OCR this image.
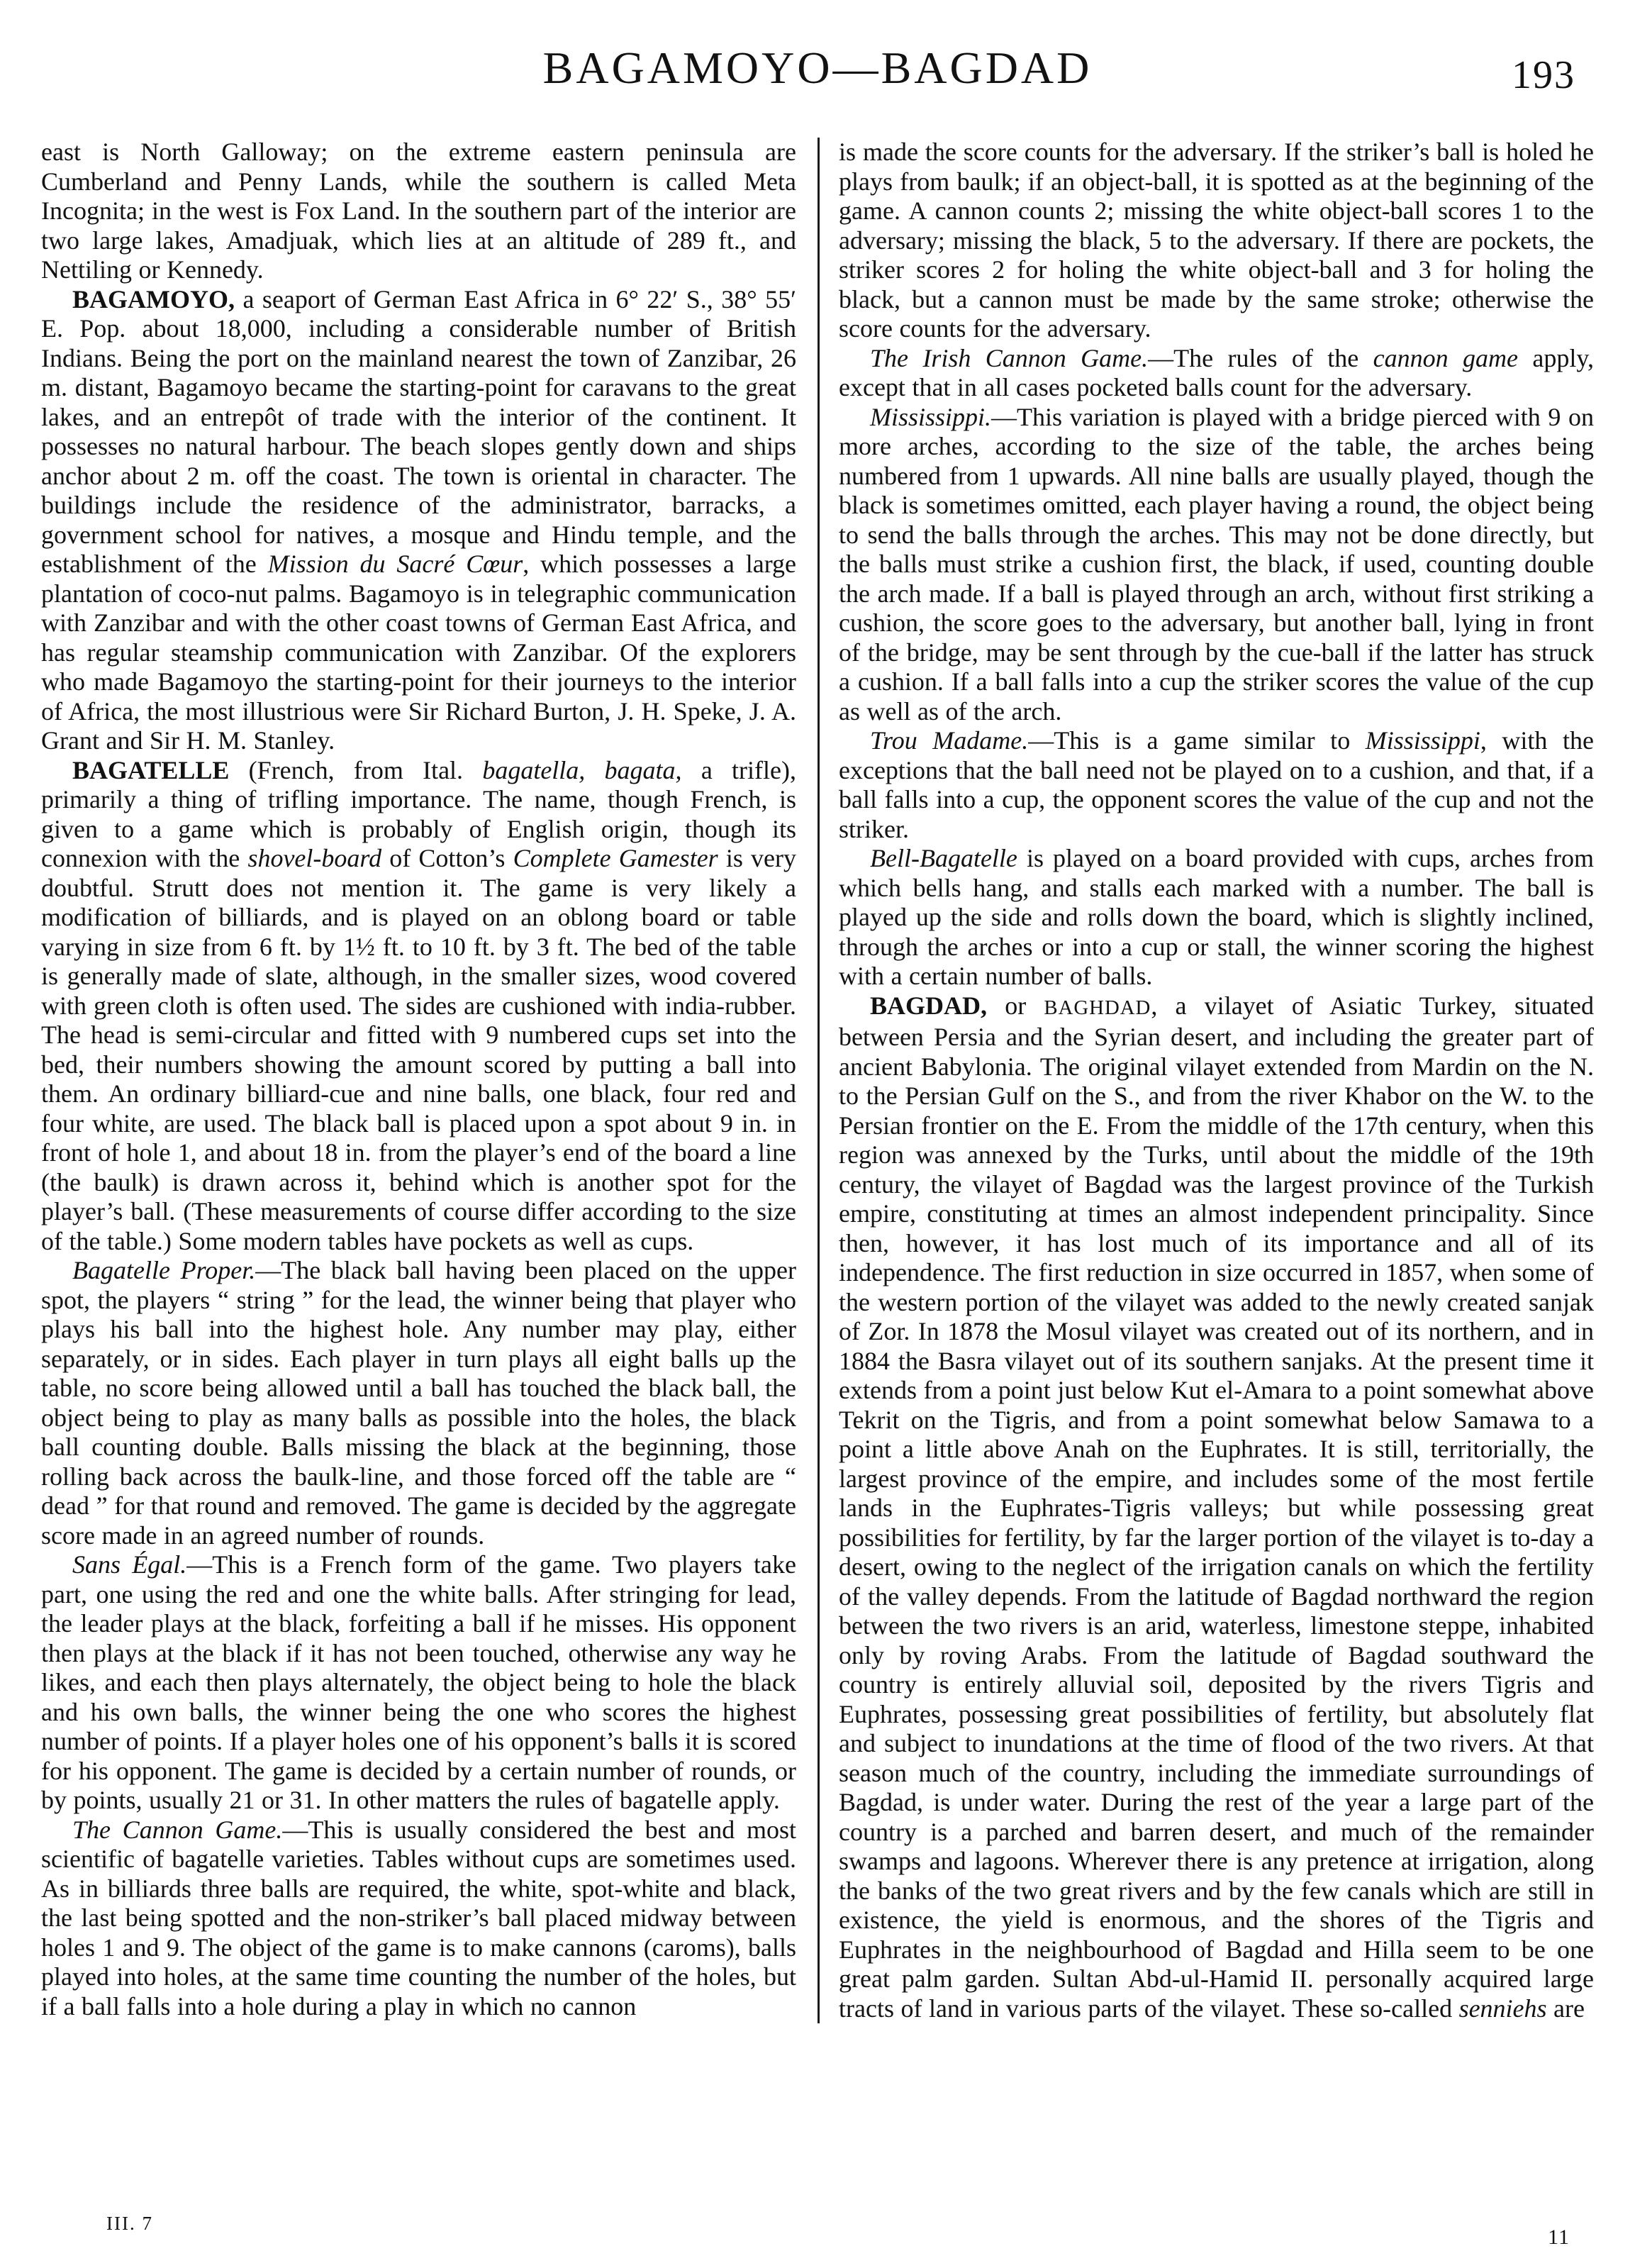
BAGAMOYO—BAGDAD	193

east is North Galloway; on the extreme eastern peninsula are Cumberland and Penny Lands, while the southern is called Meta Incognita; in the west is Fox Land. In the southern part of the interior are two large lakes, Amadjuak, which lies at an altitude of 289 ft., and Nettiling or Kennedy.

BAGAMOYO, a seaport of German East Africa in 6° 22′ S., 38° 55′ E. Pop. about 18,000, including a considerable number of British Indians. Being the port on the mainland nearest the town of Zanzibar, 26 m. distant, Bagamoyo became the starting-point for caravans to the great lakes, and an entrepôt of trade with the interior of the continent. It possesses no natural harbour. The beach slopes gently down and ships anchor about 2 m. off the coast. The town is oriental in character. The buildings include the residence of the administrator, barracks, a government school for natives, a mosque and Hindu temple, and the establishment of the Mission du Sacré Cœur, which possesses a large plantation of coco-nut palms. Bagamoyo is in telegraphic communication with Zanzibar and with the other coast towns of German East Africa, and has regular steamship communication with Zanzibar. Of the explorers who made Bagamoyo the starting-point for their journeys to the interior of Africa, the most illustrious were Sir Richard Burton, J. H. Speke, J. A. Grant and Sir H. M. Stanley.

BAGATELLE (French, from Ital. bagatella, bagata, a trifle), primarily a thing of trifling importance. The name, though French, is given to a game which is probably of English origin, though its connexion with the shovel-board of Cotton’s Complete Gamester is very doubtful. Strutt does not mention it. The game is very likely a modification of billiards, and is played on an oblong board or table varying in size from 6 ft. by 1½ ft. to 10 ft. by 3 ft. The bed of the table is generally made of slate, although, in the smaller sizes, wood covered with green cloth is often used. The sides are cushioned with india-rubber. The head is semi-circular and fitted with 9 numbered cups set into the bed, their numbers showing the amount scored by putting a ball into them. An ordinary billiard-cue and nine balls, one black, four red and four white, are used. The black ball is placed upon a spot about 9 in. in front of hole 1, and about 18 in. from the player’s end of the board a line (the baulk) is drawn across it, behind which is another spot for the player’s ball. (These measurements of course differ according to the size of the table.) Some modern tables have pockets as well as cups.

Bagatelle Proper.—The black ball having been placed on the upper spot, the players “ string ” for the lead, the winner being that player who plays his ball into the highest hole. Any number may play, either separately, or in sides. Each player in turn plays all eight balls up the table, no score being allowed until a ball has touched the black ball, the object being to play as many balls as possible into the holes, the black ball counting double. Balls missing the black at the beginning, those rolling back across the baulk-line, and those forced off the table are “ dead ” for that round and removed. The game is decided by the aggregate score made in an agreed number of rounds.

Sans Égal.—This is a French form of the game. Two players take part, one using the red and one the white balls. After stringing for lead, the leader plays at the black, forfeiting a ball if he misses. His opponent then plays at the black if it has not been touched, otherwise any way he likes, and each then plays alternately, the object being to hole the black and his own balls, the winner being the one who scores the highest number of points. If a player holes one of his opponent’s balls it is scored for his opponent. The game is decided by a certain number of rounds, or by points, usually 21 or 31. In other matters the rules of bagatelle apply.

The Cannon Game.—This is usually considered the best and most scientific of bagatelle varieties. Tables without cups are sometimes used. As in billiards three balls are required, the white, spot-white and black, the last being spotted and the non-striker’s ball placed midway between holes 1 and 9. The object of the game is to make cannons (caroms), balls played into holes, at the same time counting the number of the holes, but if a ball falls into a hole during a play in which no cannon

is made the score counts for the adversary. If the striker’s ball is holed he plays from baulk; if an object-ball, it is spotted as at the beginning of the game. A cannon counts 2; missing the white object-ball scores 1 to the adversary; missing the black, 5 to the adversary. If there are pockets, the striker scores 2 for holing the white object-ball and 3 for holing the black, but a cannon must be made by the same stroke; otherwise the score counts for the adversary.

The Irish Cannon Game.—The rules of the cannon game apply, except that in all cases pocketed balls count for the adversary.

Mississippi.—This variation is played with a bridge pierced with 9 on more arches, according to the size of the table, the arches being numbered from 1 upwards. All nine balls are usually played, though the black is sometimes omitted, each player having a round, the object being to send the balls through the arches. This may not be done directly, but the balls must strike a cushion first, the black, if used, counting double the arch made. If a ball is played through an arch, without first striking a cushion, the score goes to the adversary, but another ball, lying in front of the bridge, may be sent through by the cue-ball if the latter has struck a cushion. If a ball falls into a cup the striker scores the value of the cup as well as of the arch.

Trou Madame.—This is a game similar to Mississippi, with the exceptions that the ball need not be played on to a cushion, and that, if a ball falls into a cup, the opponent scores the value of the cup and not the striker.

Bell-Bagatelle is played on a board provided with cups, arches from which bells hang, and stalls each marked with a number. The ball is played up the side and rolls down the board, which is slightly inclined, through the arches or into a cup or stall, the winner scoring the highest with a certain number of balls.

BAGDAD, or BAGHDAD, a vilayet of Asiatic Turkey, situated between Persia and the Syrian desert, and including the greater part of ancient Babylonia. The original vilayet extended from Mardin on the N. to the Persian Gulf on the S., and from the river Khabor on the W. to the Persian frontier on the E. From the middle of the 17th century, when this region was annexed by the Turks, until about the middle of the 19th century, the vilayet of Bagdad was the largest province of the Turkish empire, constituting at times an almost independent principality. Since then, however, it has lost much of its importance and all of its independence. The first reduction in size occurred in 1857, when some of the western portion of the vilayet was added to the newly created sanjak of Zor. In 1878 the Mosul vilayet was created out of its northern, and in 1884 the Basra vilayet out of its southern sanjaks. At the present time it extends from a point just below Kut el-Amara to a point somewhat above Tekrit on the Tigris, and from a point somewhat below Samawa to a point a little above Anah on the Euphrates. It is still, territorially, the largest province of the empire, and includes some of the most fertile lands in the Euphrates-Tigris valleys; but while possessing great possibilities for fertility, by far the larger portion of the vilayet is to-day a desert, owing to the neglect of the irrigation canals on which the fertility of the valley depends. From the latitude of Bagdad northward the region between the two rivers is an arid, waterless, limestone steppe, inhabited only by roving Arabs. From the latitude of Bagdad southward the country is entirely alluvial soil, deposited by the rivers Tigris and Euphrates, possessing great possibilities of fertility, but absolutely flat and subject to inundations at the time of flood of the two rivers. At that season much of the country, including the immediate surroundings of Bagdad, is under water. During the rest of the year a large part of the country is a parched and barren desert, and much of the remainder swamps and lagoons. Wherever there is any pretence at irrigation, along the banks of the two great rivers and by the few canals which are still in existence, the yield is enormous, and the shores of the Tigris and Euphrates in the neighbourhood of Bagdad and Hilla seem to be one great palm garden. Sultan Abd-ul-Hamid II. personally acquired large tracts of land in various parts of the vilayet. These so-called senniehs are

III. 7
11
